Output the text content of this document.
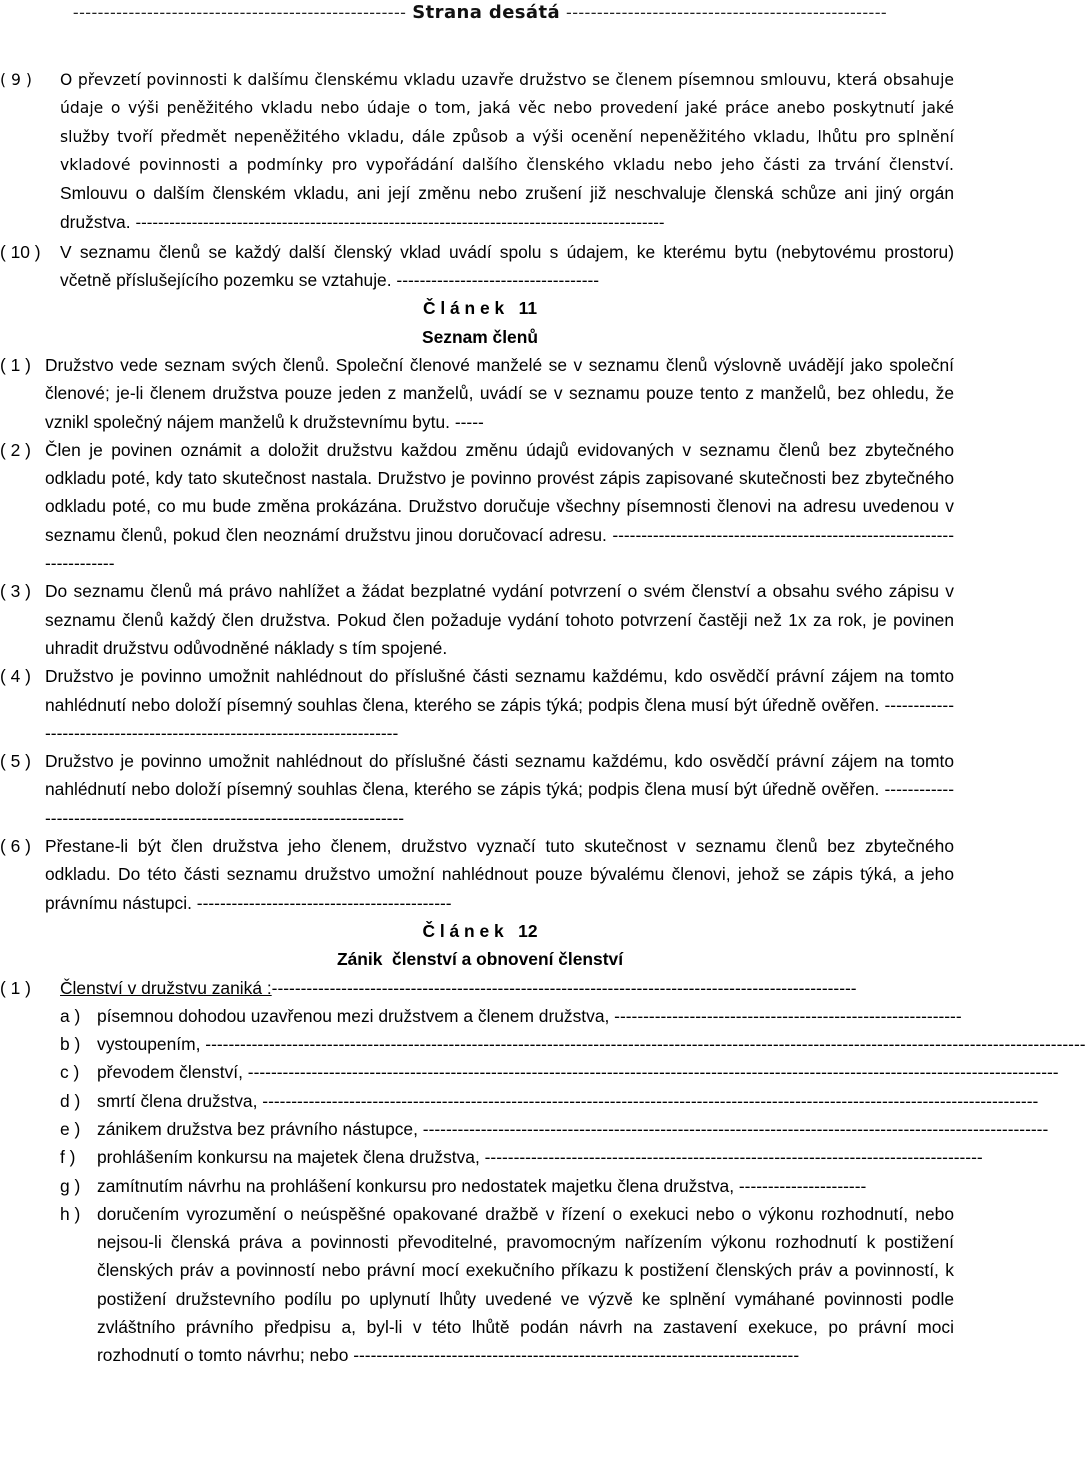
------------------------------------------------------ Strana desátá ----------------------------------------------------
( 9 ) O převzetí povinnosti k dalšímu členskému vkladu uzavře družstvo se členem písemnou smlouvu, která obsahuje údaje o výši peněžitého vkladu nebo údaje o tom, jaká věc nebo provedení jaké práce anebo poskytnutí jaké služby tvoří předmět nepeněžitého vkladu, dále způsob a výši ocenění nepeněžitého vkladu, lhůtu pro splnění vkladové povinnosti a podmínky pro vypořádání dalšího členského vkladu nebo jeho části za trvání členství. Smlouvu o dalším členském vkladu, ani její změnu nebo zrušení již neschvaluje členská schůze ani jiný orgán družstva. ----------------------------------------------------------------------------------------------
( 10 ) V seznamu členů se každý další členský vklad uvádí spolu s údajem, ke kterému bytu (nebytovému prostoru) včetně příslušejícího pozemku se vztahuje. -----------------------------------
Č l á n e k   11
Seznam členů
( 1 ) Družstvo vede seznam svých členů. Společní členové manželé se v seznamu členů výslovně uvádějí jako společní členové; je-li členem družstva pouze jeden z manželů, uvádí se v seznamu pouze tento z manželů, bez ohledu, že vznikl společný nájem manželů k družstevnímu bytu. -----
( 2 ) Člen je povinen oznámit a doložit družstvu každou změnu údajů evidovaných v seznamu členů bez zbytečného odkladu poté, kdy tato skutečnost nastala. Družstvo je povinno provést zápis zapisované skutečnosti bez zbytečného odkladu poté, co mu bude změna prokázána. Družstvo doručuje všechny písemnosti členovi na adresu uvedenou v seznamu členů, pokud člen neoznámí družstvu jinou doručovací adresu. -----------------------------------------------------------------------
( 3 ) Do seznamu členů má právo nahlížet a žádat bezplatné vydání potvrzení o svém členství a obsahu svého zápisu v seznamu členů každý člen družstva. Pokud člen požaduje vydání tohoto potvrzení častěji než 1x za rok, je povinen uhradit družstvu odůvodněné náklady s tím spojené.
( 4 ) Družstvo je povinno umožnit nahlédnout do příslušné části seznamu každému, kdo osvědčí právní zájem na tomto nahlédnutí nebo doloží písemný souhlas člena, kterého se zápis týká; podpis člena musí být úředně ověřen. -------------------------------------------------------------------------
( 5 ) Družstvo je povinno umožnit nahlédnout do příslušné části seznamu každému, kdo osvědčí právní zájem na tomto nahlédnutí nebo doloží písemný souhlas člena, kterého se zápis týká; podpis člena musí být úředně ověřen. --------------------------------------------------------------------------
( 6 ) Přestane-li být člen družstva jeho členem, družstvo vyznačí tuto skutečnost v seznamu členů bez zbytečného odkladu. Do této části seznamu družstvo umožní nahlédnout pouze bývalému členovi, jehož se zápis týká, a jeho právnímu nástupci. --------------------------------------------
Č l á n e k   12
Zánik  členství a obnovení členství
( 1 ) Členství v družstvu zaniká :-----------------------------------------------------------------------------------------------------
a ) písemnou dohodou uzavřenou mezi družstvem a členem družstva, ------------------------------------------------------------
b ) vystoupením, --------------------------------------------------------------------------------------------------------------------------------------------------------
c ) převodem členství, --------------------------------------------------------------------------------------------------------------------------------------------
d ) smrtí člena družstva, --------------------------------------------------------------------------------------------------------------------------------------
e ) zánikem družstva bez právního nástupce, ------------------------------------------------------------------------------------------------------------
f ) prohlášením konkursu na majetek člena družstva, --------------------------------------------------------------------------------------
g ) zamítnutím návrhu na prohlášení konkursu pro nedostatek majetku člena družstva, ----------------------
h ) doručením vyrozumění o neúspěšné opakované dražbě v řízení o exekuci nebo o výkonu rozhodnutí, nebo nejsou-li členská práva a povinnosti převoditelné, pravomocným nařízením výkonu rozhodnutí k postižení členských práv a povinností nebo právní mocí exekučního příkazu k postižení členských práv a povinností, k postižení družstevního podílu po uplynutí lhůty uvedené ve výzvě ke splnění vymáhané povinnosti podle zvláštního právního předpisu a, byl-li v této lhůtě podán návrh na zastavení exekuce, po právní moci rozhodnutí o tomto návrhu; nebo -----------------------------------------------------------------------------
